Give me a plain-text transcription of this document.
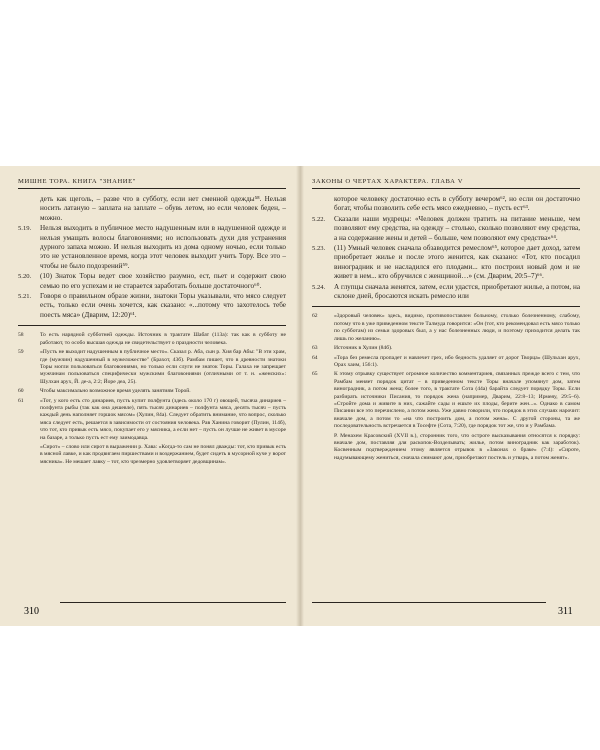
МИШНЕ ТОРА. КНИГА "ЗНАНИЕ"
деть как щеголь, – разве что в субботу, если нет сменной одежды⁵⁸. Нельзя носить латаную – заплата на заплате – обувь летом, но если человек беден, – можно.
5.19.	Нельзя выходить в публичное место надушенным или в надушенной одежде и нельзя умащать волосы благовониями; но использовать духи для устранения дурного запаха можно. И нельзя выходить из дома одному ночью, если только это не установленное время, когда этот человек выходит учить Тору. Все это – чтобы не было подозрений⁵⁹.
5.20.	(10) Знаток Торы ведет свое хозяйство разумно, ест, пьет и содержит свою семью по его успехам и не старается заработать больше достаточного⁶⁰.
5.21.	Говоря о правильном образе жизни, знатоки Торы указывали, что мясо следует есть, только если очень хочется, как сказано: «...потому что захотелось тебе поесть мяса» (Дварим, 12:20)⁶¹.
58	То есть нарядной субботней одежды. Источник в трактате Шабат (113а): так как в субботу не работают, то особо высшая одежда не свидетельствует о праздности человека.
59	«Пусть не выходит надушенным в публичное место». Сказал р. Аба, сын р. Хия бар Абы: "В эти храм, где (мужчин) надушенный в мужеложестве" (Брахот, 43б). Рамбам пишет, что в древности знатоки Торы могли пользоваться благовониями, но только если слуги не знаток Торы. Галаха не запрещает мужчинам пользоваться специфически мужскими благовониями (отличными от т. н. «женских»: Шулхан арух, Й. де-а, 2:2; Йоре деа, 25).
60	Чтобы максимально возможное время уделять занятиям Торой.
61	«Тот, у кого есть сто динариев, пусть купит полфунта (здесь около 170 г) овощей, тысяча динариев – полфунта рыбы (так как она дешевле), пять тысяч динариев – полфунта мяса, десять тысяч – пусть каждый день наполняет горшок мясом» (Хулин, 84а). Следует обратить внимание, что вопрос, сколько мяса следует есть, решается в зависимости от состояния человека. Рав Ханина говорит (Пулин, 114б), что тот, кто привык есть мясо, покупает его у мясника, а если нет – пусть он лучше не живет в мусоре на базаре, а только пусть ест ему заимодавца.
«Сирот» – слово или сирот в выражении р. Хава: «Когда-то сам не понял дважды: тот, кто привык есть в мясной лавке, и как продвигаем пиршествами и воздержанием, будет сидеть в мусорной куче у ворот мясника». Не мешает лавку – тот, кто чрезмерно удовлетворяет дедовщинам».
ЗАКОНЫ О ЧЕРТАХ ХАРАКТЕРА. ГЛАВА V
которое человеку достаточно есть в субботу вечером⁶², но если он достаточно богат, чтобы позволить себе есть мясо ежедневно, – пусть ест⁶³.
5.22.	Сказали наши мудрецы: «Человек должен тратить на питание меньше, чем позволяют ему средства, на одежду – столько, сколько позволяют ему средства, а на содержание жены и детей – больше, чем позволяют ему средства»⁶⁴.
5.23.	(11) Умный человек сначала обзаводится ремеслом⁶⁵, которое дает доход, затем приобретает жилье и после этого женится, как сказано: «Тот, кто посадил виноградник и не насладился его плодами... кто построил новый дом и не живет в нем... кто обручился с женщиной…» (см. Дварим, 20:5–7)⁶⁶.
5.24.	А глупцы сначала женятся, затем, если удастся, приобретают жилье, а потом, на склоне дней, бросаются искать ремесло или
62	«Здоровый человек» здесь, видимо, противопоставлен больному, столько болезненному, слабому, потому что в уже приведенном тексте Талмуда говорится: «Он (тот, кто рекомендовал есть мясо только по субботам) из семьи здоровых был, а у нас болезненных люди, и поэтому приходится делать так лишь по желанию».
63	Источник в Хулин (84б).
64	«Тора без ремесла пропадет и навлечет грех, ибо бедность удаляет от дорог Творца» (Шульхан арух, Орах хаим, 156:1).
65	К этому отрывку существует огромное количество комментариев, связанных прежде всего с тем, что Рамбам меняет порядок цитат – в приведенном тексте Торы вначале упомянут дом, затем виноградник, а потом жена; более того, в трактате Сота (44а) барайта следует порядку Торы. Если разбирать источники Писания, то порядок жена (например, Дварим, 22:8–13; Ирмеяу, 29:5–6). «Стройте дома и живите в них, сажайте сады и ешьте их плоды, берите жен...». Однако в самом Писании все это перечислено, а потом жена. Уже давно говорили, что порядок в этих случаях нарочит: вначале дом, а потом то «на что построить дом, а потом жена». С другой стороны, та же последовательность встречается в Тосефте (Сота, 7:20), где порядок тот же, что и у Рамбама.
Р. Менахем Красовский (ХVII в.), сторонник того, что остроге высказывания относятся к порядку: вначале дом, поставляя для раскопок-Возделывать; жилье, потом виноградник как заработок). Косвенным подтверждением этому является отрывок в «Законах о браке» (7:4): «Сироте, надумывающему жениться, сначала снимают дом, приобретают постель и утварь, а потом женят».
310	311
